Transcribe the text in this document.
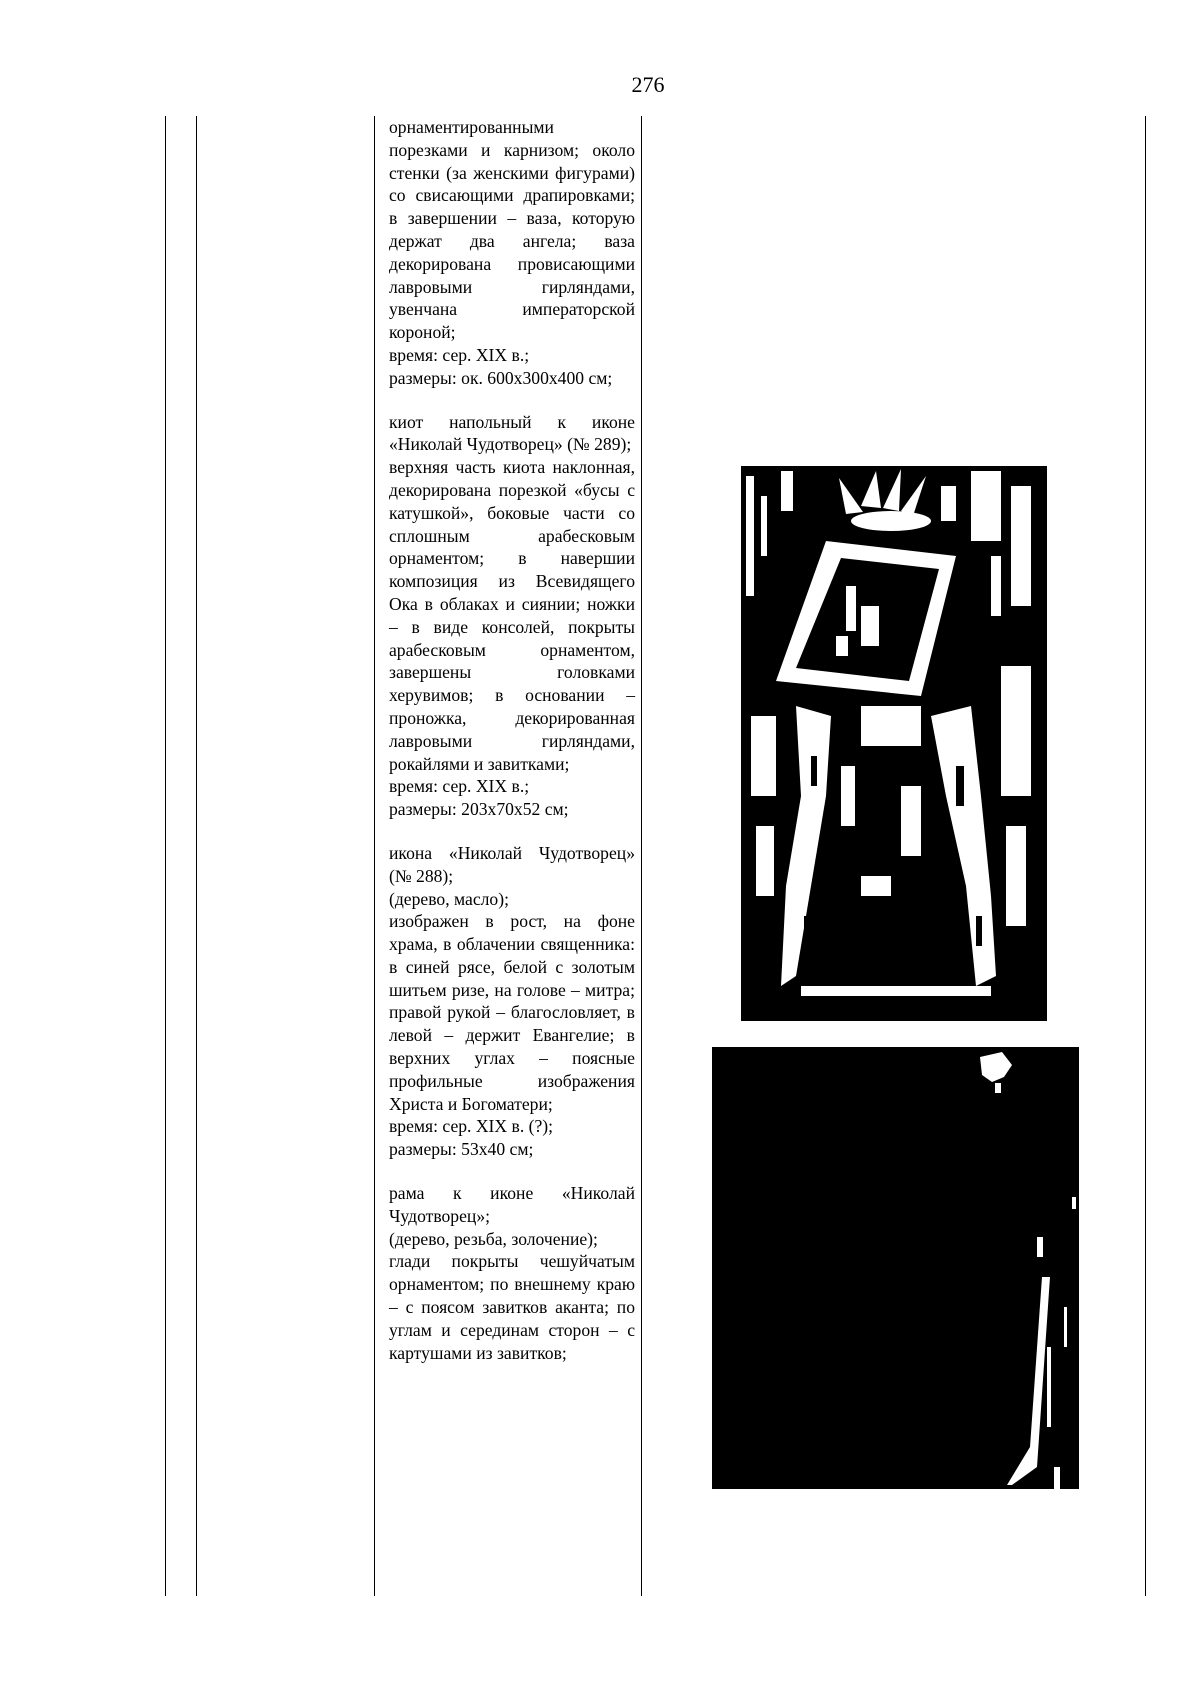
276

орнаментированными порезками и карнизом; около стенки (за женскими фигурами) со свисающими драпировками; в завершении – ваза, которую держат два ангела; ваза декорирована провисающими лавровыми гирляндами, увенчана императорской короной;

время: сер. XIX в.;

размеры: ок. 600х300х400 см;

киот напольный к иконе «Николай Чудотворец» (№ 289);

верхняя часть киота наклонная, декорирована порезкой «бусы с катушкой», боковые части со сплошным арабесковым орнаментом; в навершии композиция из Всевидящего Ока в облаках и сиянии; ножки – в виде консолей, покрыты арабесковым орнаментом, завершены головками херувимов; в основании – проножка, декорированная лавровыми гирляндами, рокайлями и завитками;

время: сер. XIX в.;

размеры: 203х70х52 см;

икона «Николай Чудотворец» (№ 288);

(дерево, масло);

изображен в рост, на фоне храма, в облачении священника: в синей рясе, белой с золотым шитьем ризе, на голове – митра; правой рукой – благословляет, в левой – держит Евангелие; в верхних углах – поясные профильные изображения Христа и Богоматери;

время: сер. XIX в. (?);

размеры: 53х40 см;

рама к иконе «Николай Чудотворец»;

(дерево, резьба, золочение);

глади покрыты чешуйчатым орнаментом; по внешнему краю – с поясом завитков аканта; по углам и серединам сторон – с картушами из завитков;
